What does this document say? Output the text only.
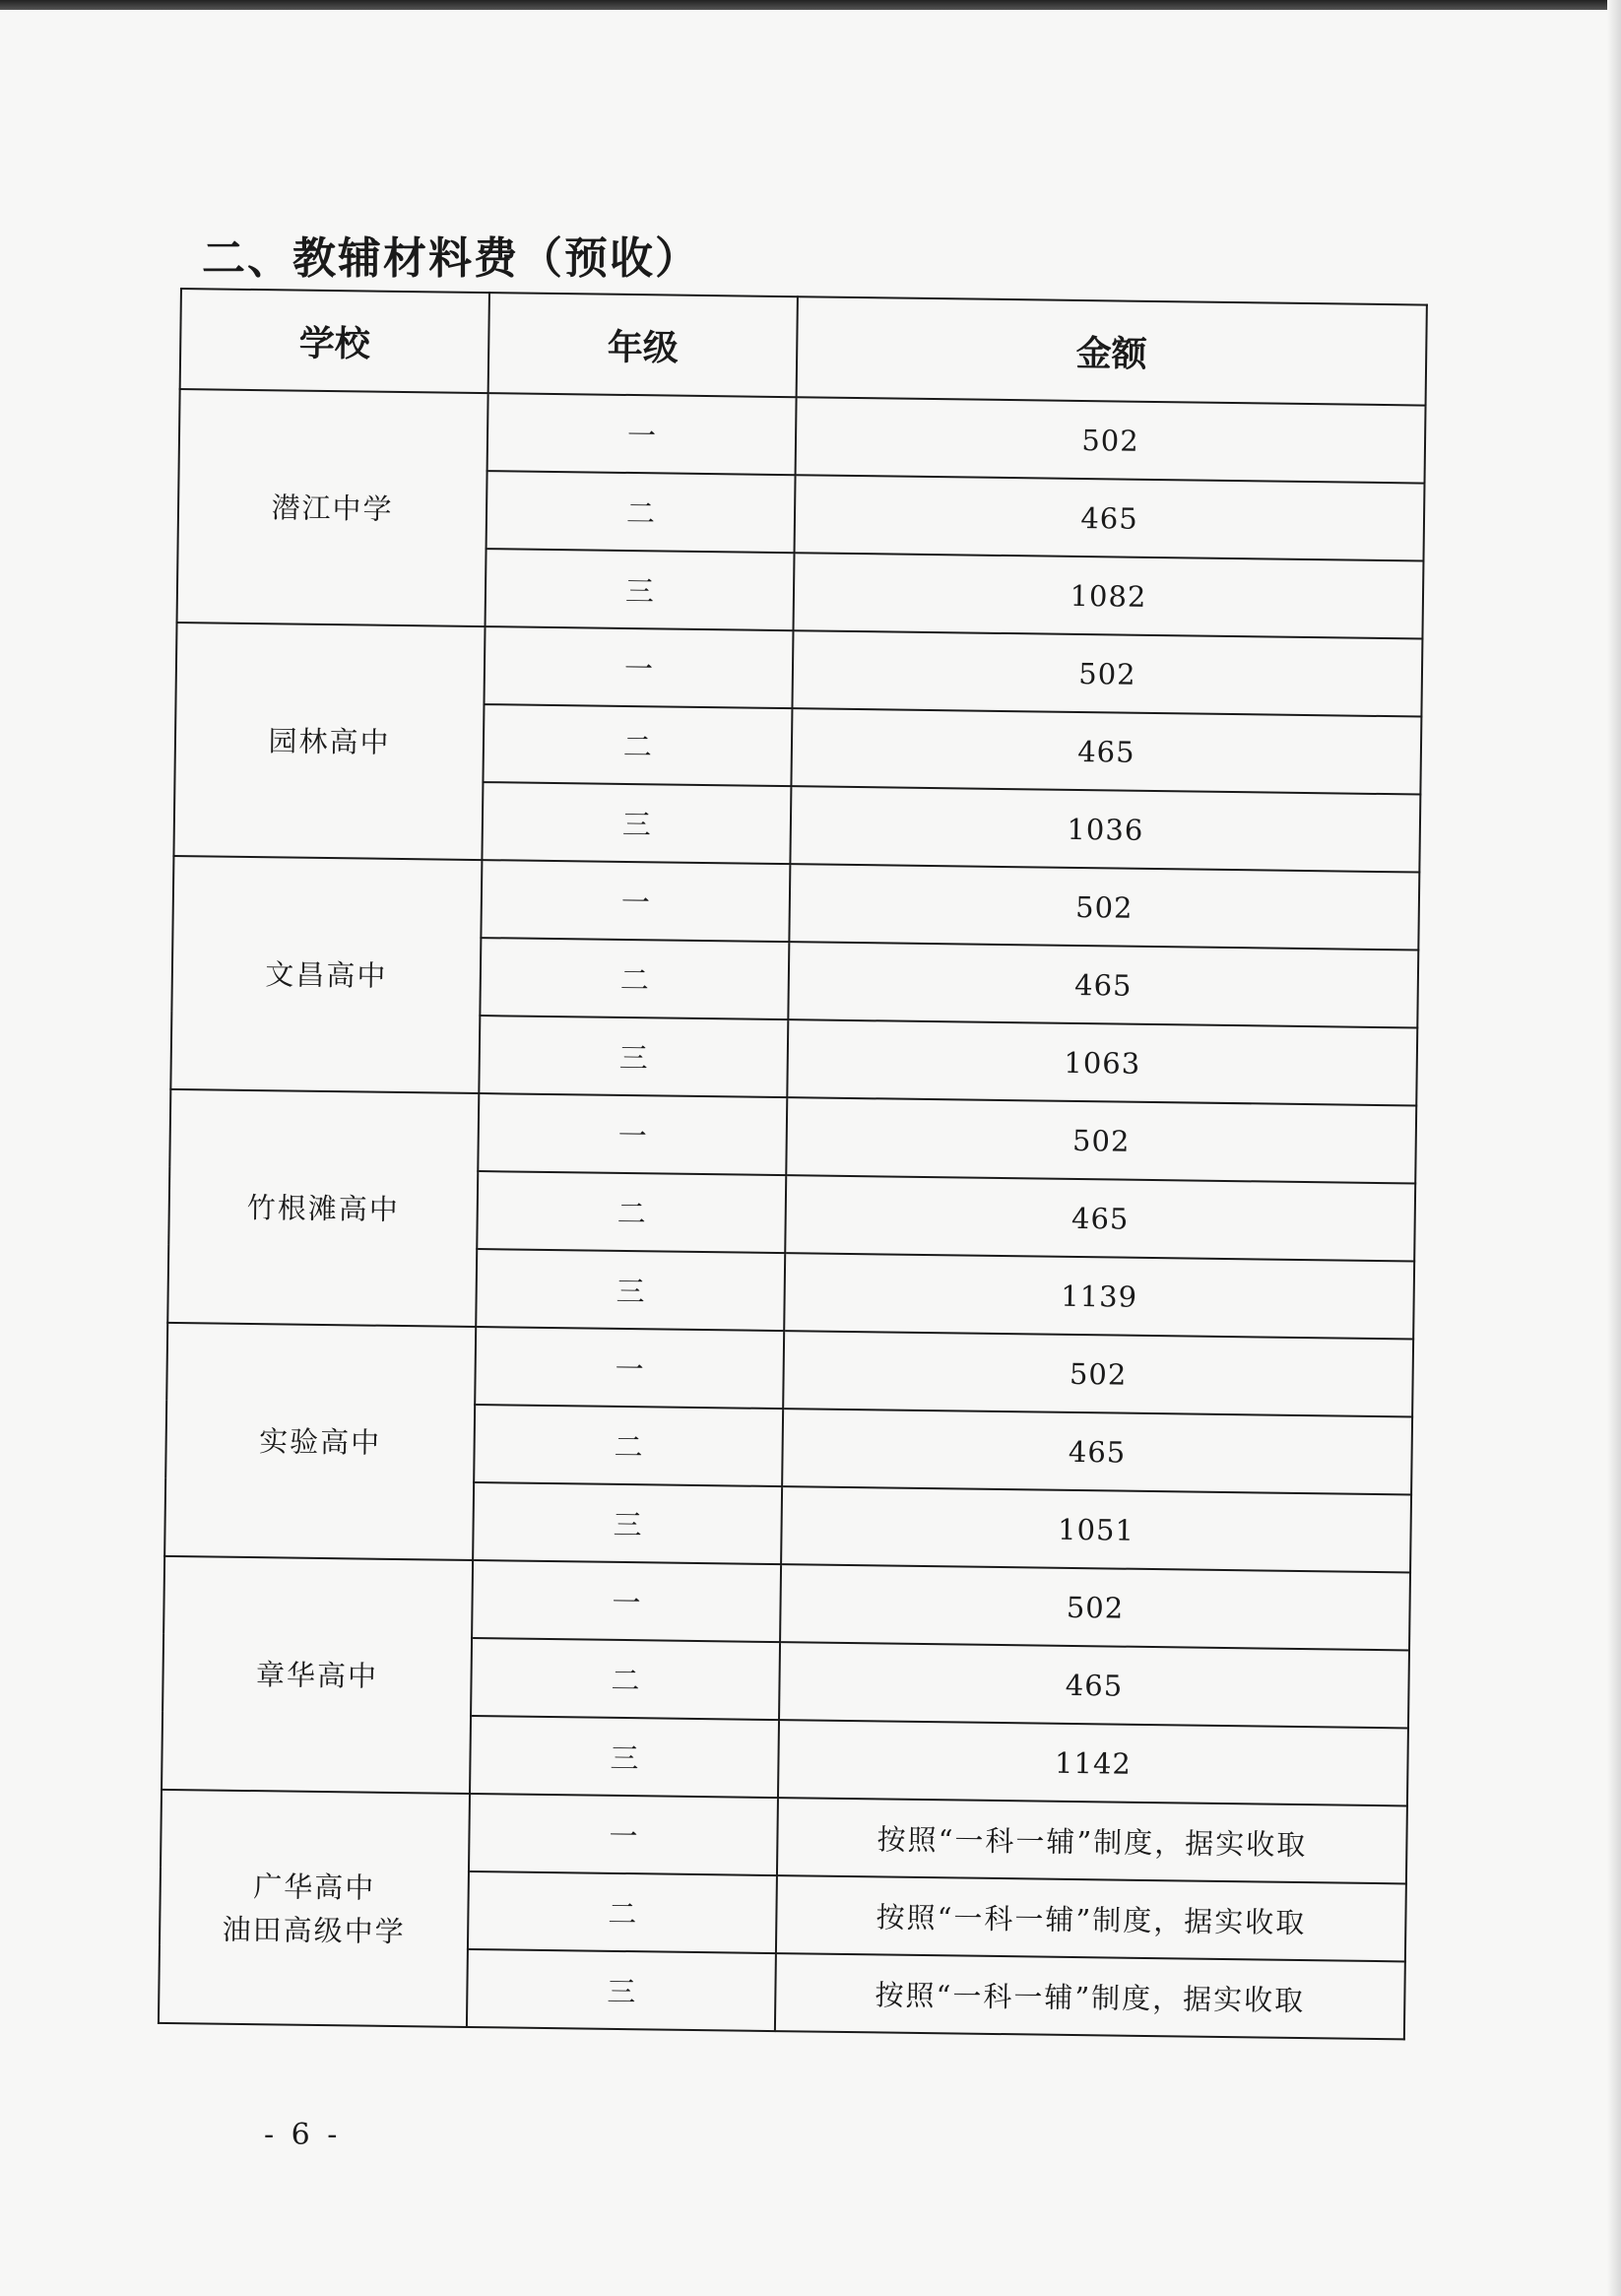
二、教辅材料费（预收）
学校	年级	金额

潜江中学	一	502
	二	465
	三	1082

园林高中	一	502
	二	465
	三	1036

文昌高中	一	502
	二	465
	三	1063

竹根滩高中	一	502
	二	465
	三	1139

实验高中	一	502
	二	465
	三	1051

章华高中	一	502
	二	465
	三	1142

广华高中
油田高级中学	一	按照“一科一辅”制度，据实收取
	二	按照“一科一辅”制度，据实收取
	三	按照“一科一辅”制度，据实收取
- 6 -
